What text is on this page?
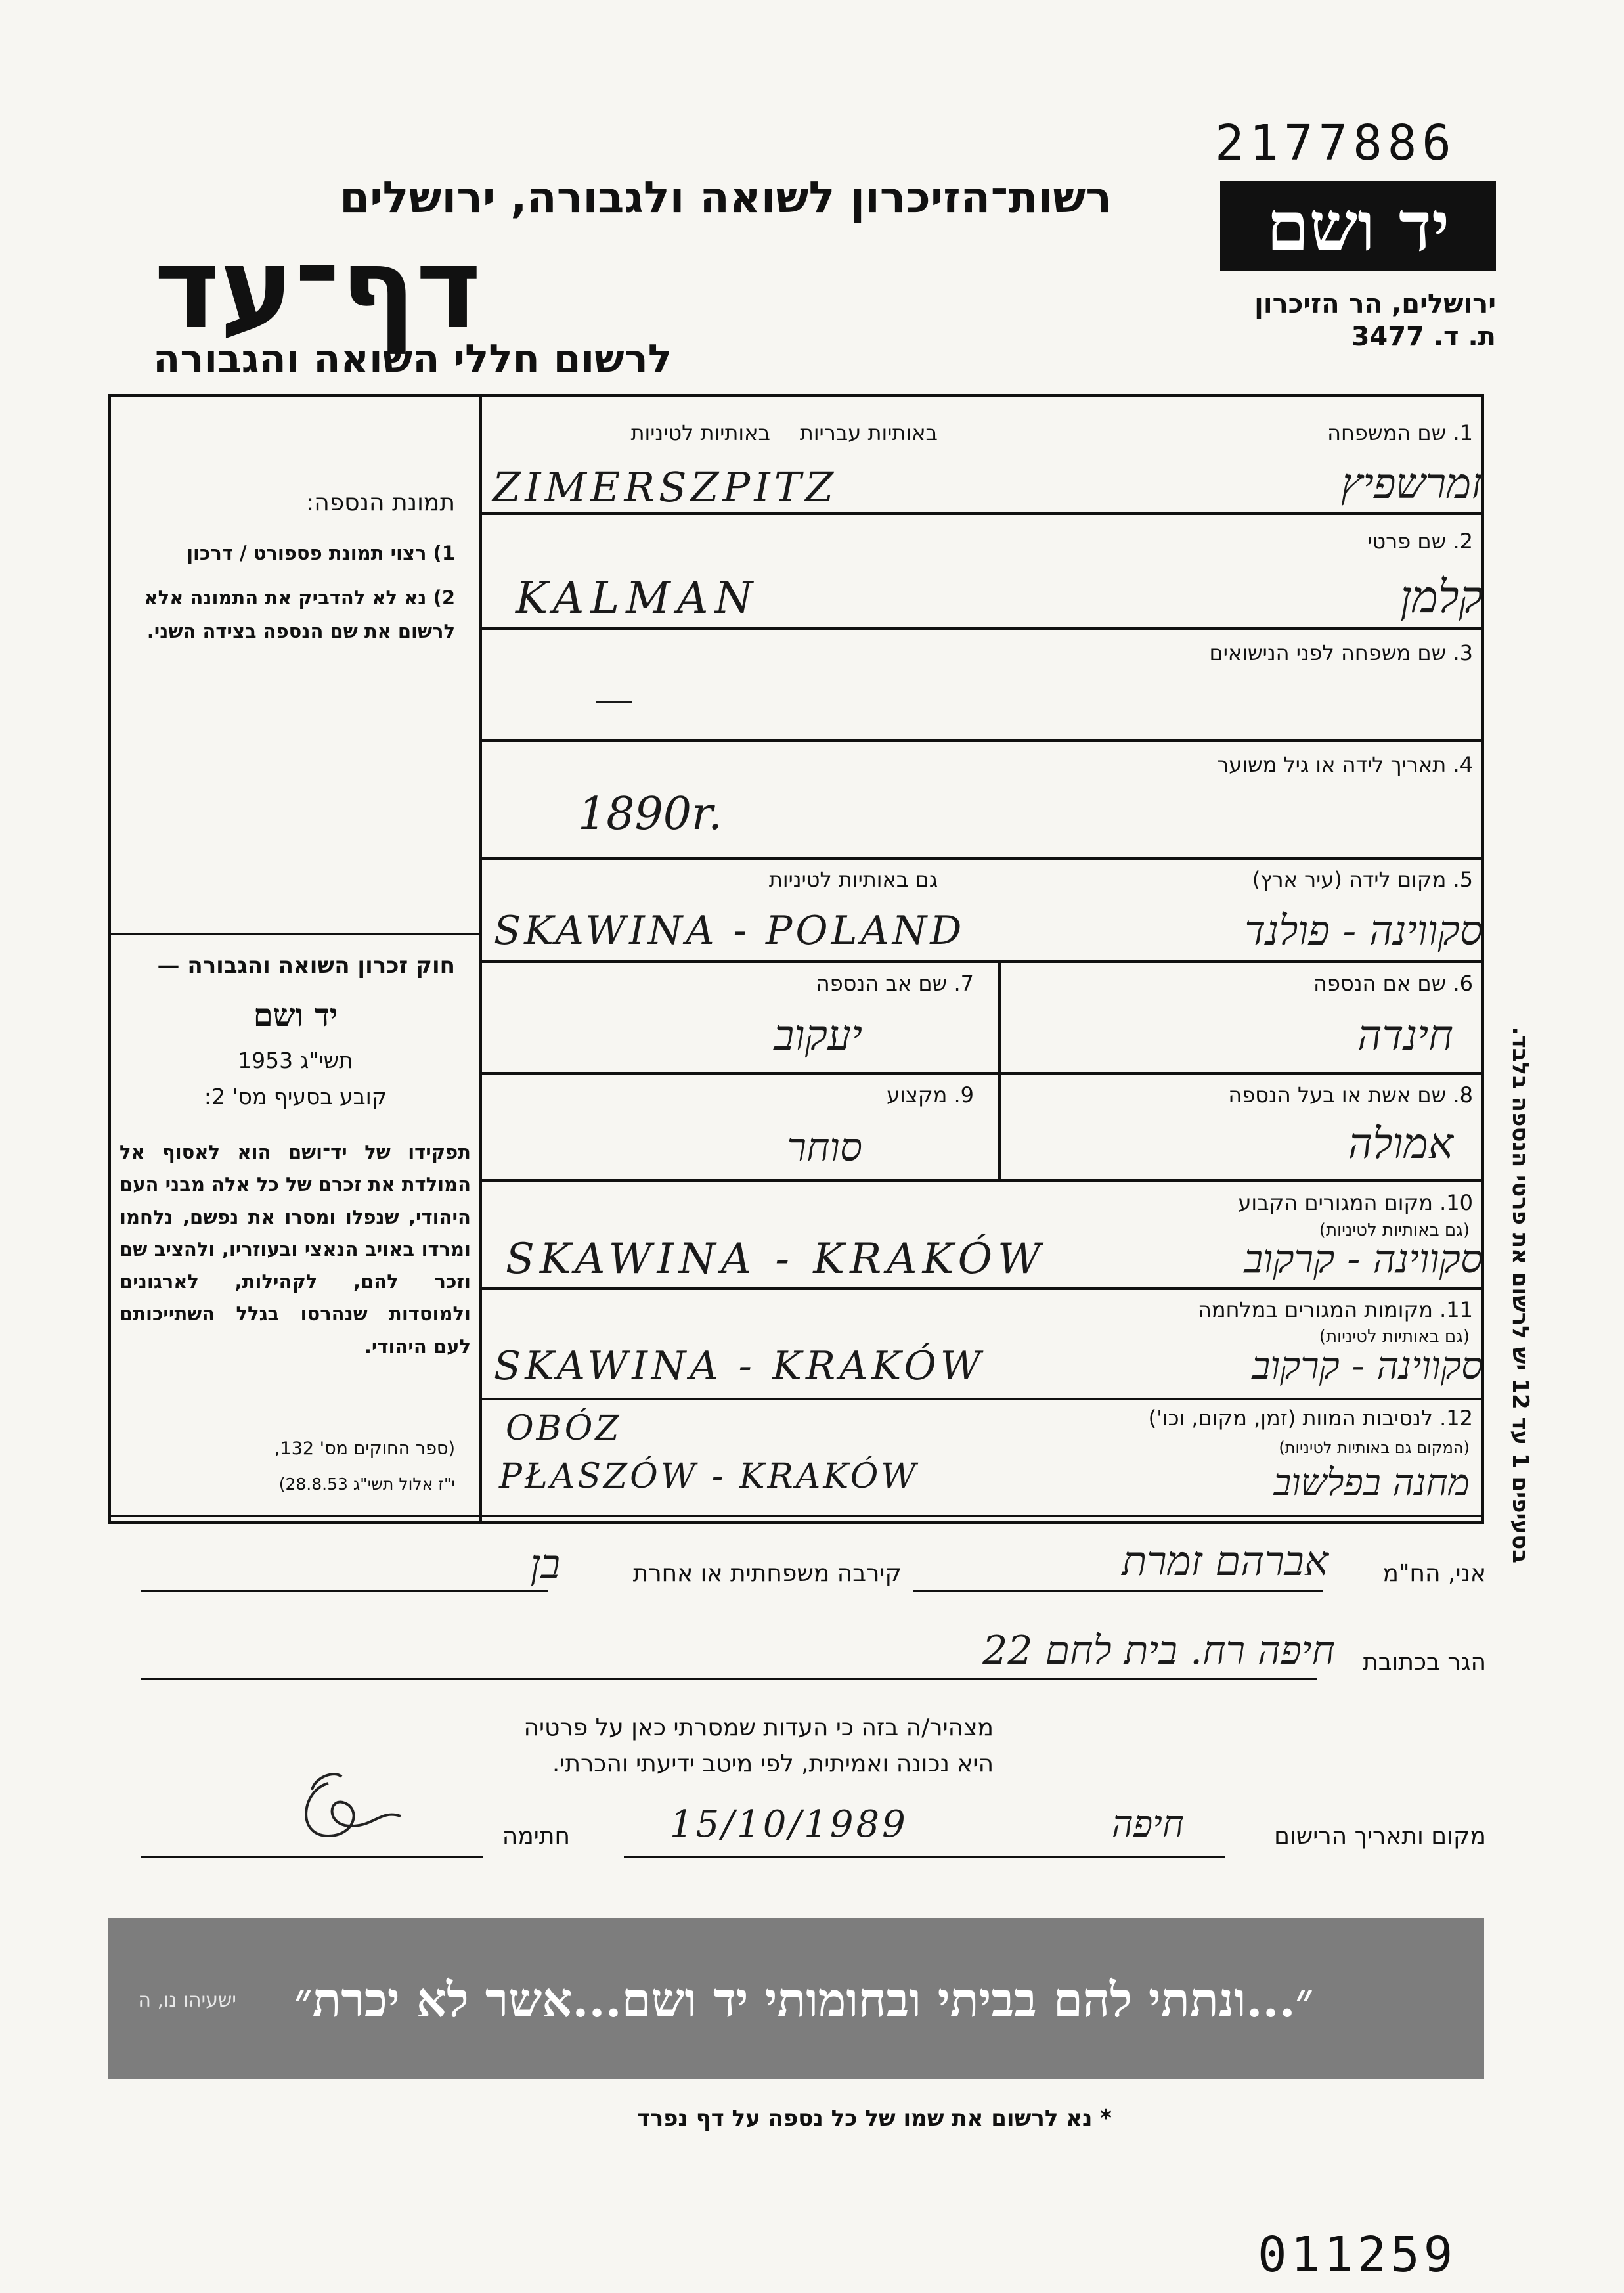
2177886
רשות־הזיכרון לשואה ולגבורה, ירושלים
דף־עד
לרשום חללי השואה והגבורה
יד ושם
ירושלים, הר הזיכרון
ת. ד. 3477
תמונת הנספה:
1) רצוי תמונת פספורט / דרכון
2) נא לא להדביק את התמונה אלא לרשום את שם הנספה בצידה השני.
חוק זכרון השואה והגבורה —
יד ושם
תשי"ג 1953
קובע בסעיף מס' 2:
תפקידו של יד־ושם הוא לאסוף אל המולדת את זכרם של כל אלה מבני העם היהודי, שנפלו ומסרו את נפשם, נלחמו ומרדו באויב הנאצי ובעוזריו, ולהציב שם וזכר להם, לקהילות, לארגונים ולמוסדות שנהרסו בגלל השתייכותם לעם היהודי.
(ספר החוקים מס' 132,
י"ז אלול תשי"ג 28.8.53)
1. שם המשפחה
באותיות עבריות
באותיות לטיניות
זמרשפיץ
ZIMERSZPITZ
2. שם פרטי
קלמן
KALMAN
3. שם משפחה לפני הנישואים
—
4. תאריך לידה או גיל משוער
1890r.
5. מקום לידה (עיר ארץ)
גם באותיות לטיניות
סקווינה - פולנד
SKAWINA - POLAND
6. שם אם הנספה
חינדה
7. שם אב הנספה
יעקוב
8. שם אשת או בעל הנספה
אמולה
9. מקצוע
סוחר
10. מקום המגורים הקבוע
(גם באותיות לטיניות)
סקווינה - קרקוב
SKAWINA - KRAKÓW
11. מקומות המגורים במלחמה
(גם באותיות לטיניות)
סקווינה - קרקוב
SKAWINA - KRAKÓW
12. לנסיבות המוות (זמן, מקום, וכו')
(המקום גם באותיות לטיניות)
מחנה בפלשוב
OBÓZ
PŁASZÓW - KRAKÓW
בסעיפים 1 עד 12 יש לרשום את פרטי הנספה בלבד.
אני, הח"מ
אברהם זמרת
קירבה משפחתית או אחרת
בן
הגר בכתובת
חיפה רח. בית לחם 22
מצהיר/ה בזה כי העדות שמסרתי כאן על פרטיה
היא נכונה ואמיתית, לפי מיטב ידיעתי והכרתי.
מקום ותאריך הרישום
חיפה
15/10/1989
חתימה
״...ונתתי להם בביתי ובחומותי יד ושם...אשר לא יכרת״
ישעיהו נו, ה
* נא לרשום את שמו של כל נספה על דף נפרד
011259
